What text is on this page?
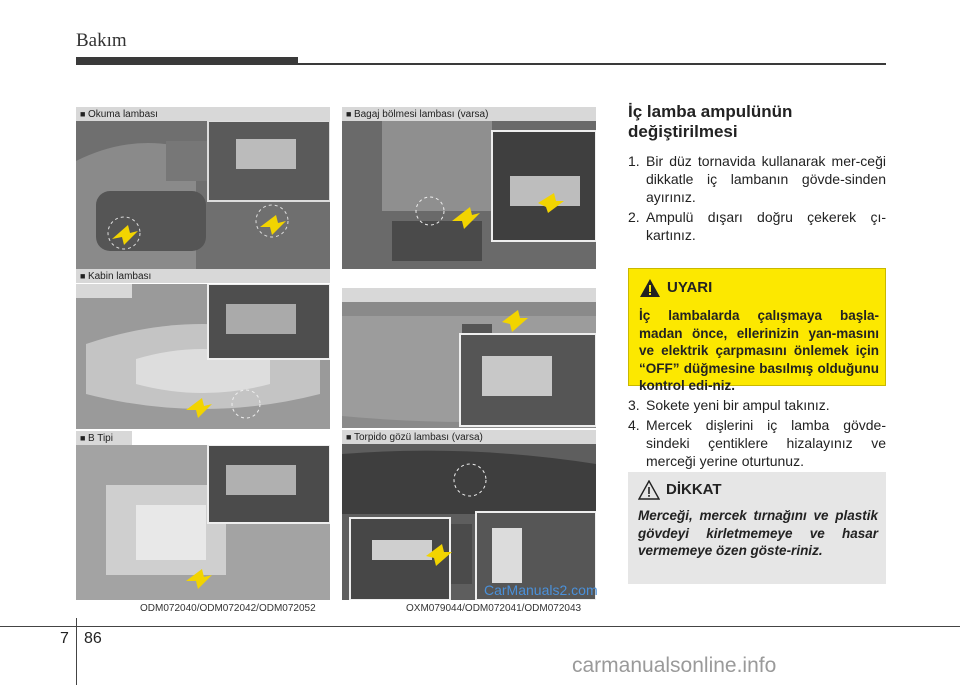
Bakım
■ Okuma lambası
■ Kabin lambası
■
■ B Tipi
ODM072040/ODM072042/ODM072052
■ Bagaj bölmesi lambası (varsa)
■
■ Torpido gözü lambası (varsa)
OXM079044/ODM072041/ODM072043
İç lamba ampulünün değiştirilmesi
1. Bir düz tornavida kullanarak mer-ceği dikkatle iç lambanın gövde-sinden ayırınız.
2. Ampulü dışarı doğru çekerek çı-kartınız.
UYARI
İç lambalarda çalışmaya başla-madan önce, ellerinizin yan-masını ve elektrik çarpmasını önlemek için “OFF” düğmesine basılmış olduğunu kontrol edi-niz.
3. Sokete yeni bir ampul takınız.
4. Mercek dişlerini iç lamba gövde-sindeki çentiklere hizalayınız ve merceği yerine oturtunuz.
DİKKAT
Merceği, mercek tırnağını ve plastik gövdeyi kirletmemeye ve hasar vermemeye özen göste-riniz.
CarManuals2.com
7 86
carmanualsonline.info
